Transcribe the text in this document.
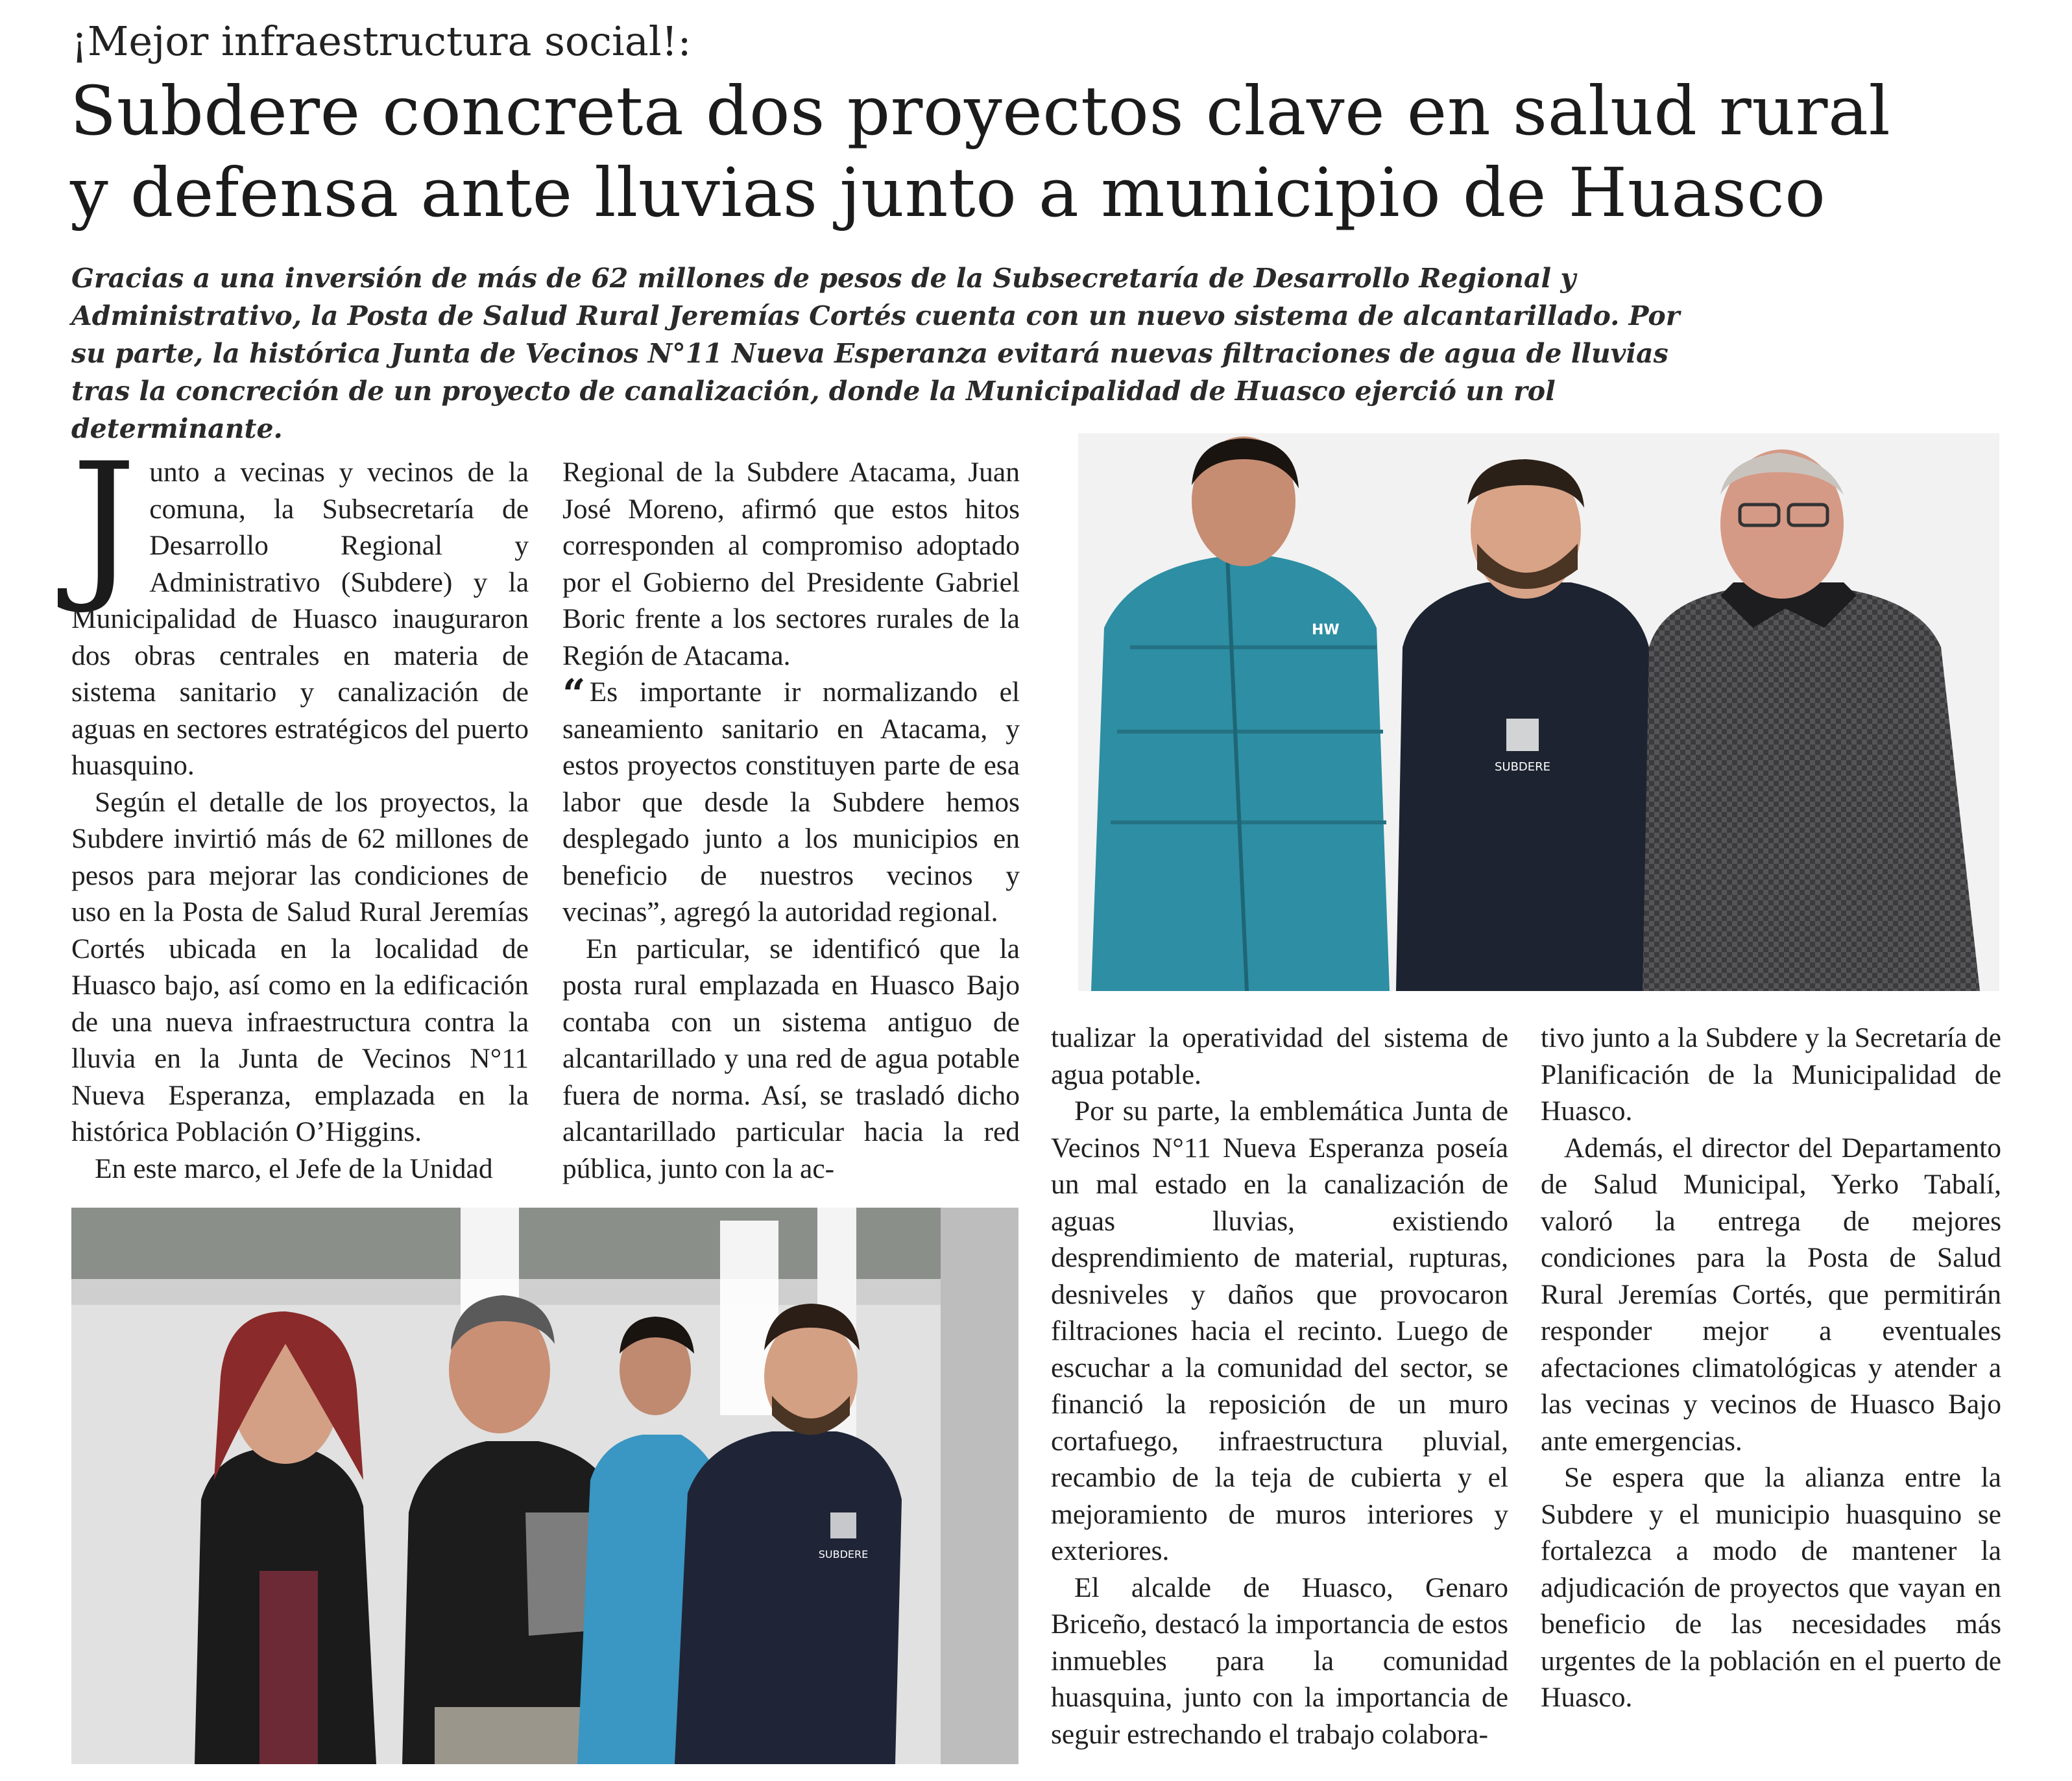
¡Mejor infraestructura social!:
Subdere concreta dos proyectos clave en salud rural
y defensa ante lluvias junto a municipio de Huasco

Gracias a una inversión de más de 62 millones de pesos de la Subsecretaría de Desarrollo Regional y Administrativo, la Posta de Salud Rural Jeremías Cortés cuenta con un nuevo sistema de alcantarillado. Por su parte, la histórica Junta de Vecinos N°11 Nueva Esperanza evitará nuevas filtraciones de agua de lluvias tras la concreción de un proyecto de canalización, donde la Municipalidad de Huasco ejerció un rol determinante.

J unto a vecinas y vecinos de la comuna, la Subsecretaría de Desarrollo Regional y Administrativo (Subdere) y la Municipalidad de Huasco inauguraron dos obras centrales en materia de sistema sanitario y canalización de aguas en sectores estratégicos del puerto huasquino.

Según el detalle de los proyectos, la Subdere invirtió más de 62 millones de pesos para mejorar las condiciones de uso en la Posta de Salud Rural Jeremías Cortés ubicada en la localidad de Huasco bajo, así como en la edificación de una nueva infraestructura contra la lluvia en la Junta de Vecinos N°11 Nueva Esperanza, emplazada en la histórica Población O’Higgins.

En este marco, el Jefe de la Unidad

Regional de la Subdere Atacama, Juan José Moreno, afirmó que estos hitos corresponden al compromiso adoptado por el Gobierno del Presidente Gabriel Boric frente a los sectores rurales de la Región de Atacama.

“ Es importante ir normalizando el saneamiento sanitario en Atacama, y estos proyectos constituyen parte de esa labor que desde la Subdere hemos desplegado junto a los municipios en beneficio de nuestros vecinos y vecinas”, agregó la autoridad regional.

En particular, se identificó que la posta rural emplazada en Huasco Bajo contaba con un sistema antiguo de alcantarillado y una red de agua potable fuera de norma. Así, se trasladó dicho alcantarillado particular hacia la red pública, junto con la ac-

tualizar la operatividad del sistema de agua potable.

Por su parte, la emblemática Junta de Vecinos N°11 Nueva Esperanza poseía un mal estado en la canalización de aguas lluvias, existiendo desprendimiento de material, rupturas, desniveles y daños que provocaron filtraciones hacia el recinto. Luego de escuchar a la comunidad del sector, se financió la reposición de un muro cortafuego, infraestructura pluvial, recambio de la teja de cubierta y el mejoramiento de muros interiores y exteriores.

El alcalde de Huasco, Genaro Briceño, destacó la importancia de estos inmuebles para la comunidad huasquina, junto con la importancia de seguir estrechando el trabajo colabora-

tivo junto a la Subdere y la Secretaría de Planificación de la Municipalidad de Huasco.

Además, el director del Departamento de Salud Municipal, Yerko Tabalí, valoró la entrega de mejores condiciones para la Posta de Salud Rural Jeremías Cortés, que permitirán responder mejor a eventuales afectaciones climatológicas y atender a las vecinas y vecinos de Huasco Bajo ante emergencias.

Se espera que la alianza entre la Subdere y el municipio huasquino se fortalezca a modo de mantener la adjudicación de proyectos que vayan en beneficio de las necesidades más urgentes de la población en el puerto de Huasco.

SUBDERE
HW
SUBDERE
